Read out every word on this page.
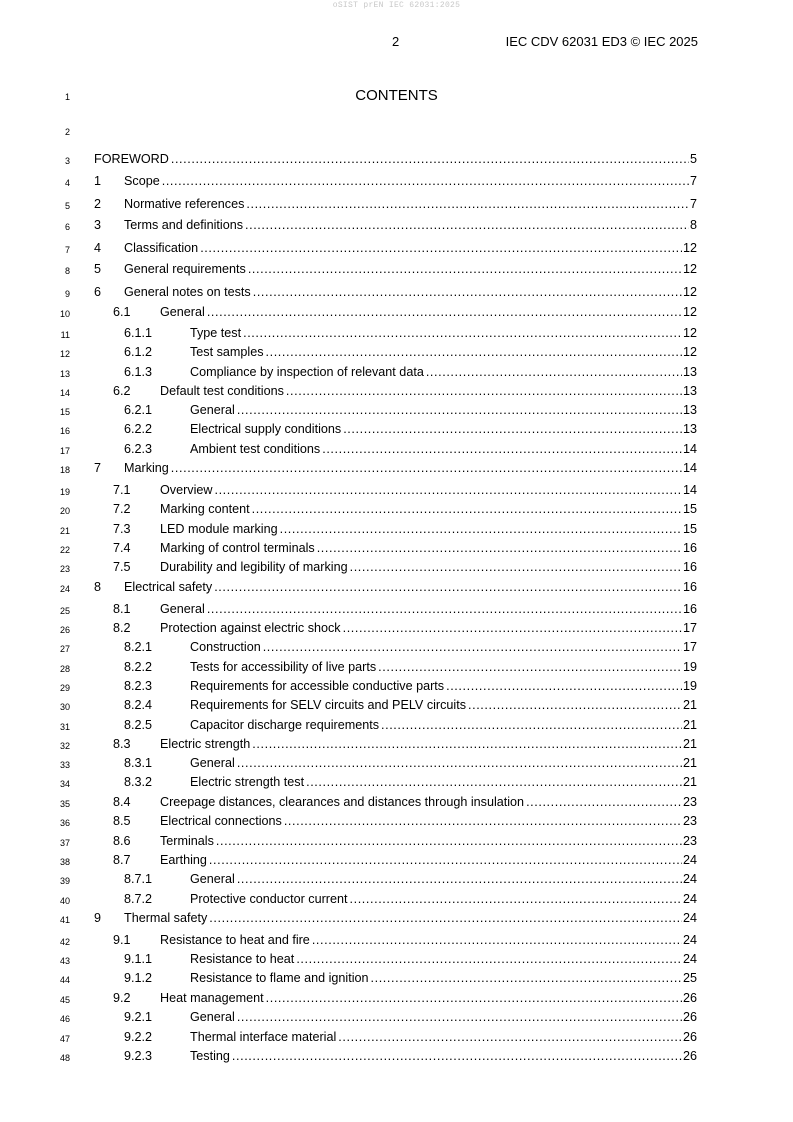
oSIST prEN IEC 62031:2025
2	IEC CDV 62031 ED3 © IEC 2025
1	CONTENTS
2
3 FOREWORD .....	5
4 1 Scope .....	7
5 2 Normative references .....	7
6 3 Terms and definitions .....	8
7 4 Classification .....	12
8 5 General requirements .....	12
9 6 General notes on tests .....	12
10	6.1 General .....	12
11	6.1.1	Type test .....	12
12	6.1.2	Test samples .....	12
13	6.1.3	Compliance by inspection of relevant data .....	13
14	6.2 Default test conditions .....	13
15	6.2.1	General .....	13
16	6.2.2	Electrical supply conditions .....	13
17	6.2.3	Ambient test conditions .....	14
18 7 Marking .....	14
19	7.1 Overview .....	14
20	7.2 Marking content .....	15
21	7.3 LED module marking .....	15
22	7.4 Marking of control terminals .....	16
23	7.5 Durability and legibility of marking .....	16
24 8 Electrical safety .....	16
25	8.1 General .....	16
26	8.2 Protection against electric shock .....	17
27	8.2.1	Construction .....	17
28	8.2.2	Tests for accessibility of live parts .....	19
29	8.2.3	Requirements for accessible conductive parts .....	19
30	8.2.4	Requirements for SELV circuits and PELV circuits .....	21
31	8.2.5	Capacitor discharge requirements .....	21
32	8.3 Electric strength .....	21
33	8.3.1	General .....	21
34	8.3.2	Electric strength test .....	21
35	8.4 Creepage distances, clearances and distances through insulation .....	23
36	8.5 Electrical connections .....	23
37	8.6 Terminals .....	23
38	8.7 Earthing .....	24
39	8.7.1	General .....	24
40	8.7.2	Protective conductor current .....	24
41 9 Thermal safety .....	24
42	9.1 Resistance to heat and fire .....	24
43	9.1.1	Resistance to heat .....	24
44	9.1.2	Resistance to flame and ignition .....	25
45	9.2 Heat management .....	26
46	9.2.1	General .....	26
47	9.2.2	Thermal interface material .....	26
48	9.2.3	Testing .....	26
